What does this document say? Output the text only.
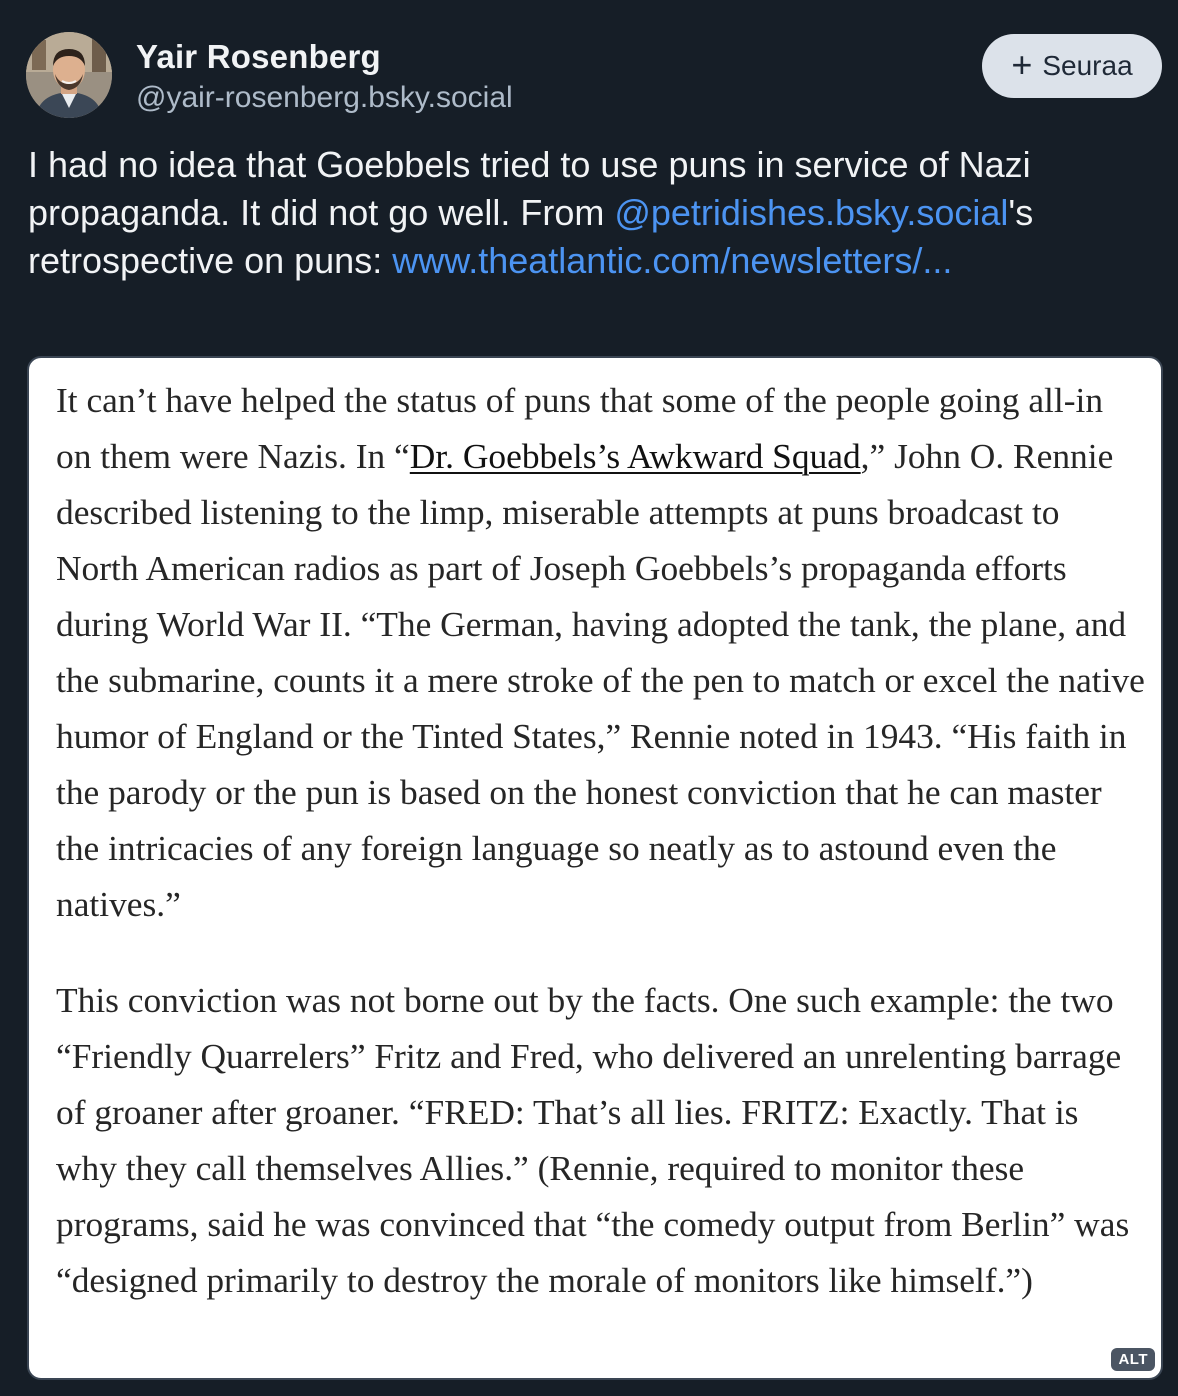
Yair Rosenberg
@yair-rosenberg.bsky.social
+ Seuraa
I had no idea that Goebbels tried to use puns in service of Nazi propaganda. It did not go well. From @petridishes.bsky.social's retrospective on puns: www.theatlantic.com/newsletters/...

It can’t have helped the status of puns that some of the people going all-in on them were Nazis. In “Dr. Goebbels’s Awkward Squad,” John O. Rennie described listening to the limp, miserable attempts at puns broadcast to North American radios as part of Joseph Goebbels’s propaganda efforts during World War II. “The German, having adopted the tank, the plane, and the submarine, counts it a mere stroke of the pen to match or excel the native humor of England or the Tinted States,” Rennie noted in 1943. “His faith in the parody or the pun is based on the honest conviction that he can master the intricacies of any foreign language so neatly as to astound even the natives.”

This conviction was not borne out by the facts. One such example: the two “Friendly Quarrelers” Fritz and Fred, who delivered an unrelenting barrage of groaner after groaner. “FRED: That’s all lies. FRITZ: Exactly. That is why they call themselves Allies.” (Rennie, required to monitor these programs, said he was convinced that “the comedy output from Berlin” was “designed primarily to destroy the morale of monitors like himself.”)

ALT
